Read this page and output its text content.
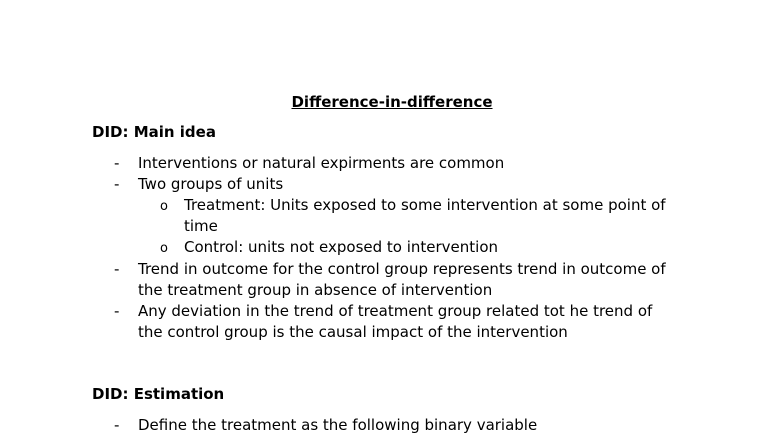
Difference-in-difference
DID: Main idea
- Interventions or natural expirments are common
- Two groups of units
o Treatment: Units exposed to some intervention at some point of
time
o Control: units not exposed to intervention
- Trend in outcome for the control group represents trend in outcome of
the treatment group in absence of intervention
- Any deviation in the trend of treatment group related tot he trend of
the control group is the causal impact of the intervention
DID: Estimation
- Define the treatment as the following binary variable
